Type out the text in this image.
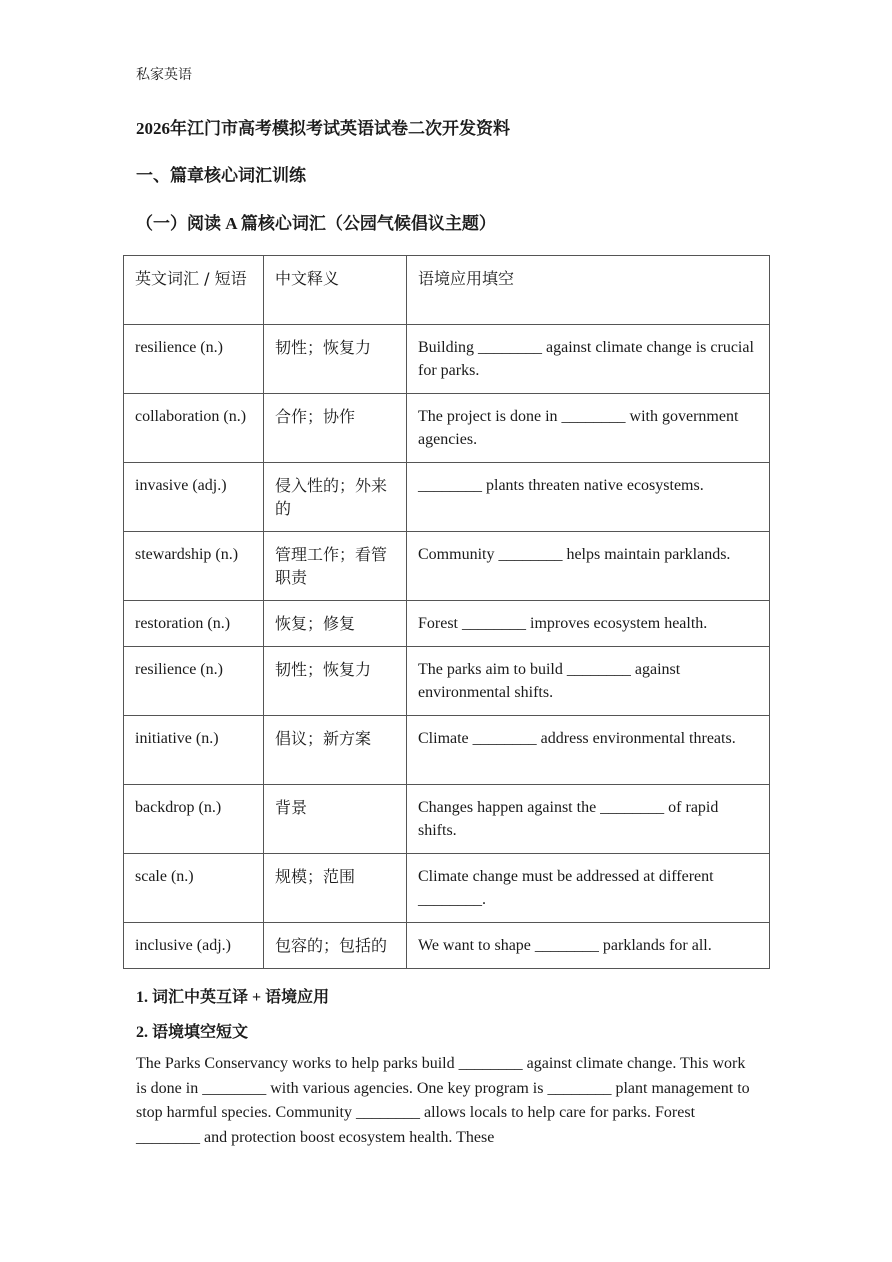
私家英语
2026年江门市高考模拟考试英语试卷二次开发资料
一、篇章核心词汇训练
（一）阅读 A 篇核心词汇（公园气候倡议主题）
英文词汇 / 短语	中文释义	语境应用填空
resilience (n.)	韧性；恢复力	Building ________ against climate change is crucial for parks.
collaboration (n.)	合作；协作	The project is done in ________ with government agencies.
invasive (adj.)	侵入性的；外来的	________ plants threaten native ecosystems.
stewardship (n.)	管理工作；看管职责	Community ________ helps maintain parklands.
restoration (n.)	恢复；修复	Forest ________ improves ecosystem health.
resilience (n.)	韧性；恢复力	The parks aim to build ________ against environmental shifts.
initiative (n.)	倡议；新方案	Climate ________ address environmental threats.
backdrop (n.)	背景	Changes happen against the ________ of rapid shifts.
scale (n.)	规模；范围	Climate change must be addressed at different ________.
inclusive (adj.)	包容的；包括的	We want to shape ________ parklands for all.
1. 词汇中英互译 + 语境应用
2. 语境填空短文
The Parks Conservancy works to help parks build ________ against climate change. This work is done in ________ with various agencies. One key program is ________ plant management to stop harmful species. Community ________ allows locals to help care for parks. Forest ________ and protection boost ecosystem health. These
